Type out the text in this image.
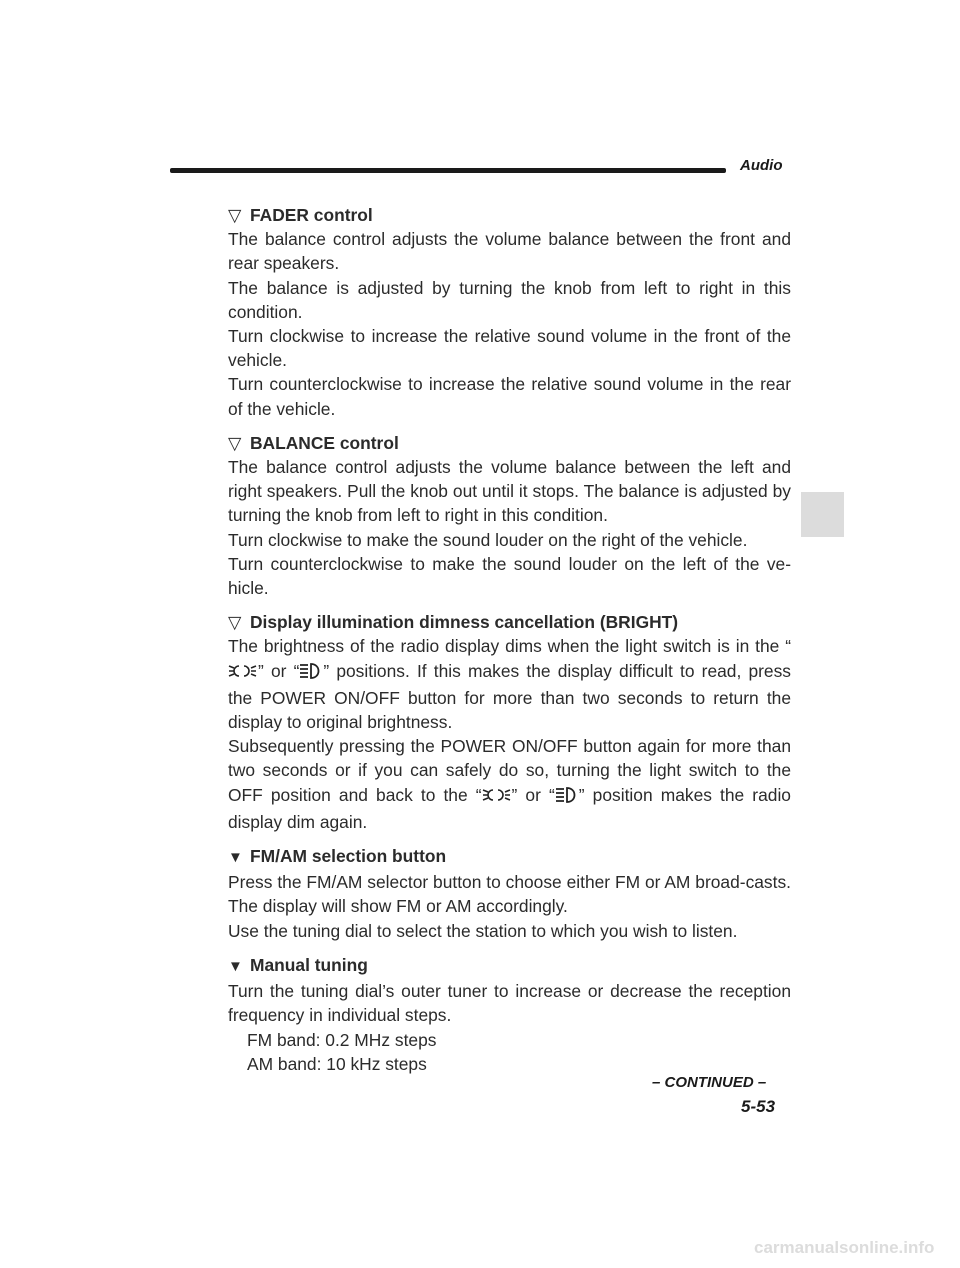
Audio
▽ FADER control

The balance control adjusts the volume balance between the front and rear speakers.

The balance is adjusted by turning the knob from left to right in this condition.

Turn clockwise to increase the relative sound volume in the front of the vehicle.

Turn counterclockwise to increase the relative sound volume in the rear of the vehicle.

▽ BALANCE control

The balance control adjusts the volume balance between the left and right speakers. Pull the knob out until it stops. The balance is adjusted by turning the knob from left to right in this condition.

Turn clockwise to make the sound louder on the right of the vehicle.

Turn counterclockwise to make the sound louder on the left of the ve-hicle.

▽ Display illumination dimness cancellation (BRIGHT)

The brightness of the radio display dims when the light switch is in the “” or “ ” positions. If this makes the display difficult to read, press the POWER ON/OFF button for more than two seconds to return the display to original brightness.

Subsequently pressing the POWER ON/OFF button again for more than two seconds or if you can safely do so, turning the light switch to the OFF position and back to the “ ” or “ ” position makes the radio display dim again.

▼ FM/AM selection button

Press the FM/AM selector button to choose either FM or AM broad-casts. The display will show FM or AM accordingly.

Use the tuning dial to select the station to which you wish to listen.

▼ Manual tuning

Turn the tuning dial’s outer tuner to increase or decrease the reception frequency in individual steps.

FM band: 0.2 MHz steps

AM band: 10 kHz steps

– CONTINUED –
5-53
carmanualsonline.info
